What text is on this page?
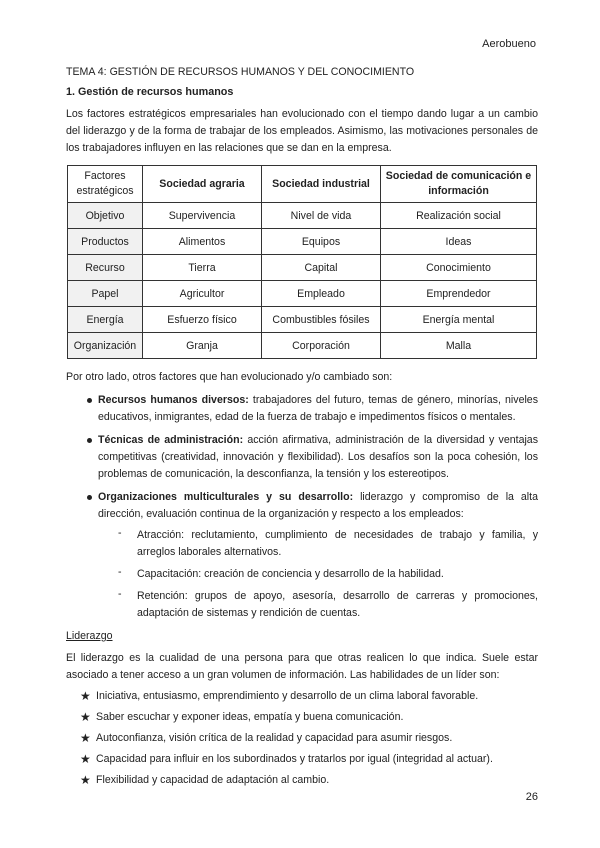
Aerobueno
TEMA 4: GESTIÓN DE RECURSOS HUMANOS Y DEL CONOCIMIENTO
1. Gestión de recursos humanos

Los factores estratégicos empresariales han evolucionado con el tiempo dando lugar a un cambio del liderazgo y de la forma de trabajar de los empleados. Asimismo, las motivaciones personales de los trabajadores influyen en las relaciones que se dan en la empresa.

Factores estratégicos	Sociedad agraria	Sociedad industrial	Sociedad de comunicación e información
Objetivo	Supervivencia	Nivel de vida	Realización social
Productos	Alimentos	Equipos	Ideas
Recurso	Tierra	Capital	Conocimiento
Papel	Agricultor	Empleado	Emprendedor
Energía	Esfuerzo físico	Combustibles fósiles	Energía mental
Organización	Granja	Corporación	Malla

Por otro lado, otros factores que han evolucionado y/o cambiado son:

Recursos humanos diversos: trabajadores del futuro, temas de género, minorías, niveles educativos, inmigrantes, edad de la fuerza de trabajo e impedimentos físicos o mentales.

Técnicas de administración: acción afirmativa, administración de la diversidad y ventajas competitivas (creatividad, innovación y flexibilidad). Los desafíos son la poca cohesión, los problemas de comunicación, la desconfianza, la tensión y los estereotipos.

Organizaciones multiculturales y su desarrollo: liderazgo y compromiso de la alta dirección, evaluación continua de la organización y respecto a los empleados:

- Atracción: reclutamiento, cumplimiento de necesidades de trabajo y familia, y arreglos laborales alternativos.

- Capacitación: creación de conciencia y desarrollo de la habilidad.

- Retención: grupos de apoyo, asesoría, desarrollo de carreras y promociones, adaptación de sistemas y rendición de cuentas.

Liderazgo

El liderazgo es la cualidad de una persona para que otras realicen lo que indica. Suele estar asociado a tener acceso a un gran volumen de información. Las habilidades de un líder son:

★ Iniciativa, entusiasmo, emprendimiento y desarrollo de un clima laboral favorable.
★ Saber escuchar y exponer ideas, empatía y buena comunicación.
★ Autoconfianza, visión crítica de la realidad y capacidad para asumir riesgos.
★ Capacidad para influir en los subordinados y tratarlos por igual (integridad al actuar).
★ Flexibilidad y capacidad de adaptación al cambio.
26
